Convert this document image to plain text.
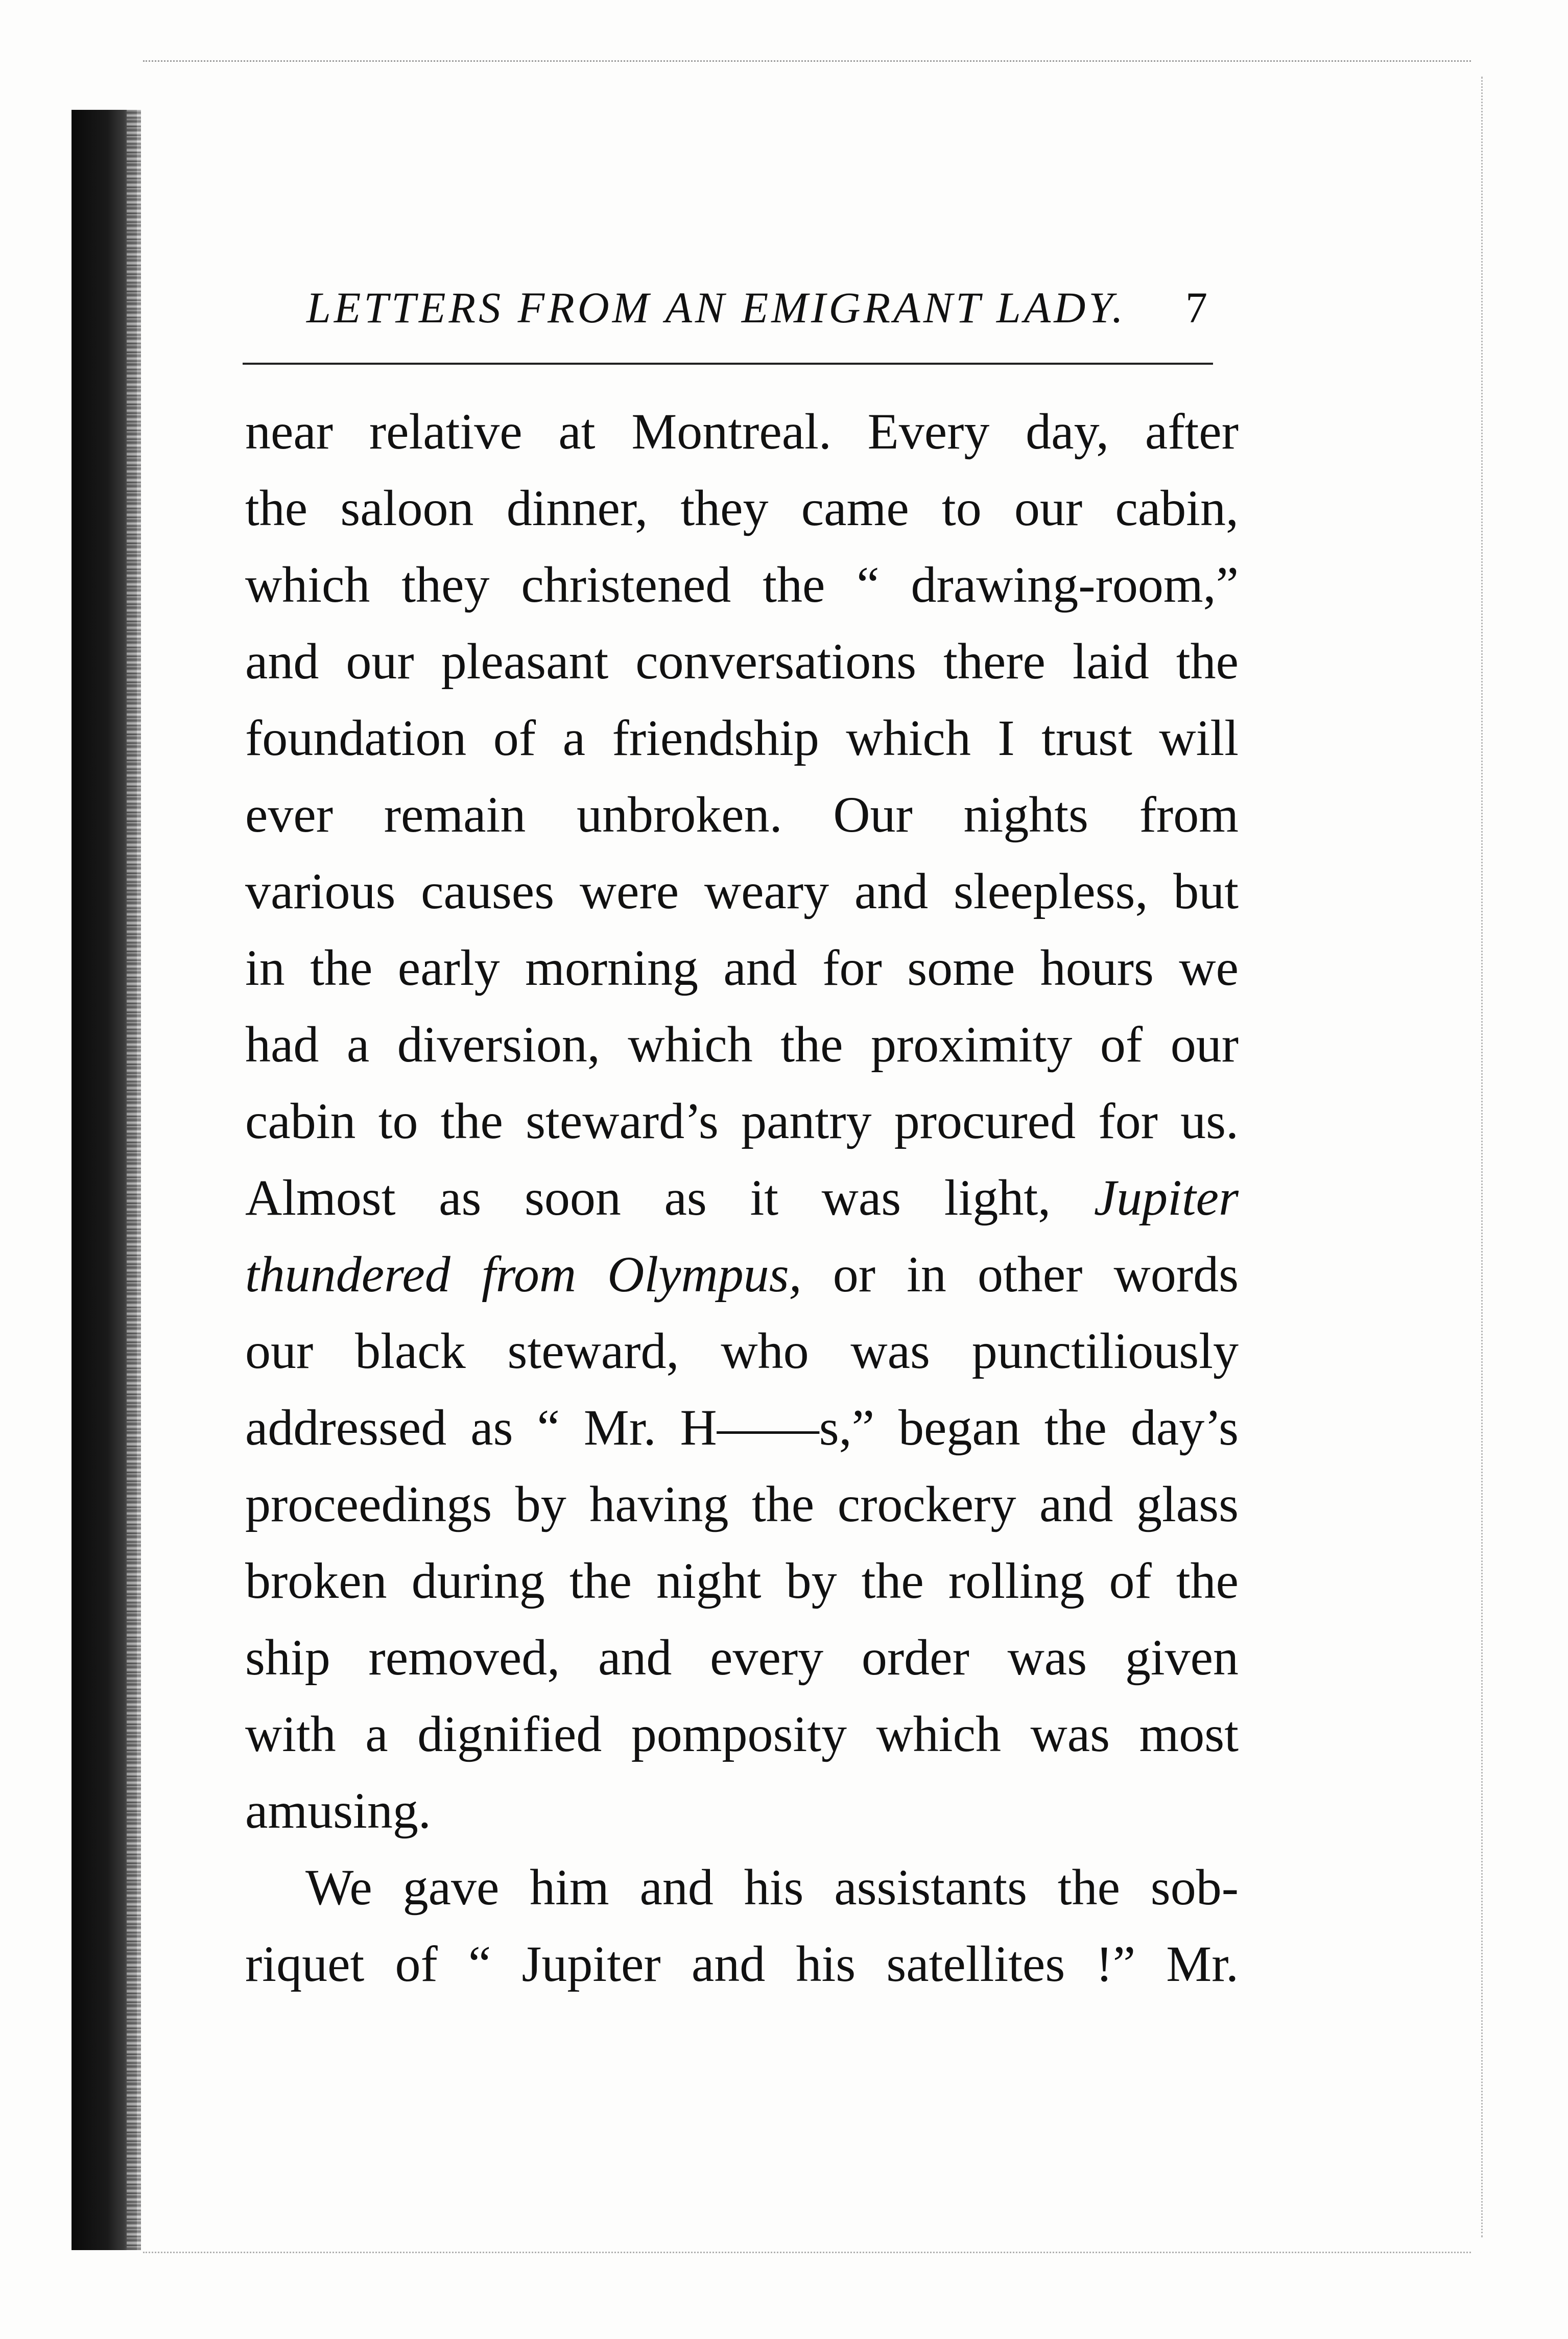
LETTERS FROM AN EMIGRANT LADY. 7
near relative at Montreal. Every day, after
the saloon dinner, they came to our cabin,
which they christened the “ drawing-room,”
and our pleasant conversations there laid the
foundation of a friendship which I trust will
ever remain unbroken. Our nights from
various causes were weary and sleepless, but
in the early morning and for some hours we
had a diversion, which the proximity of our
cabin to the steward’s pantry procured for us.
Almost as soon as it was light, Jupiter
thundered from Olympus, or in other words
our black steward, who was punctiliously
addressed as “ Mr. H——s,” began the day’s
proceedings by having the crockery and glass
broken during the night by the rolling of the
ship removed, and every order was given
with a dignified pomposity which was most
amusing.
We gave him and his assistants the sob-
riquet of “ Jupiter and his satellites !” Mr.
